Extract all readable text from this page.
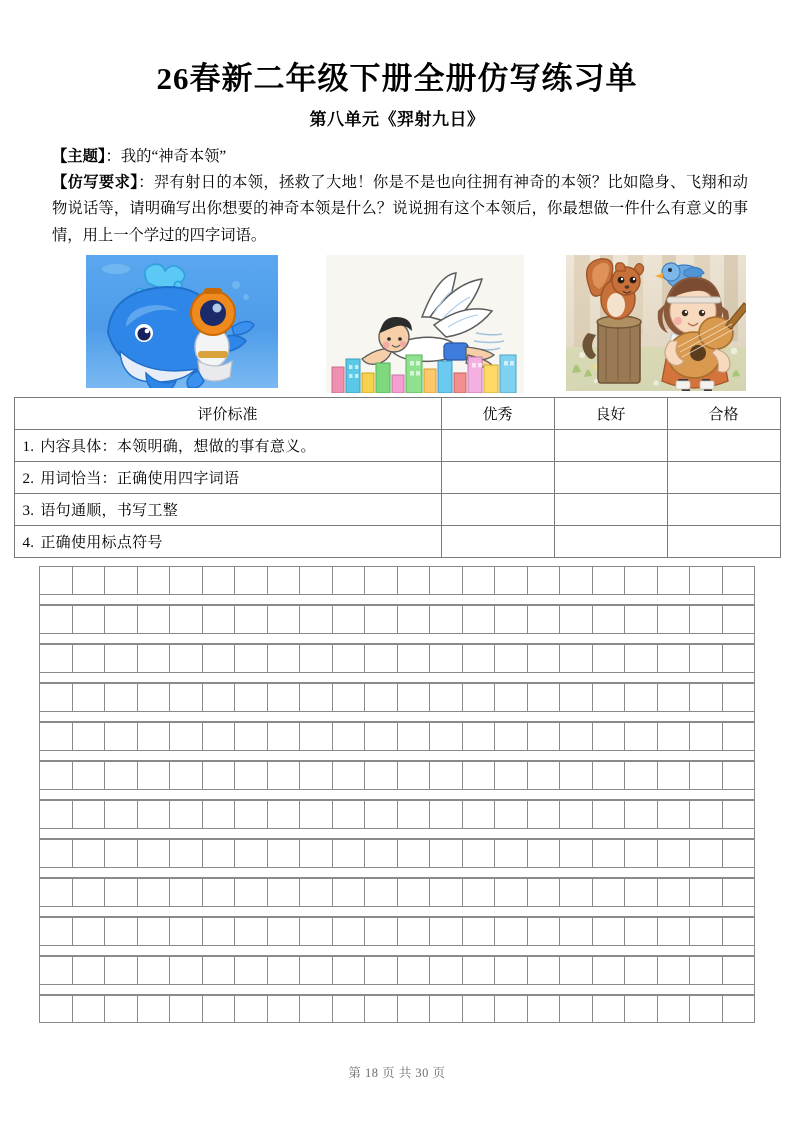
26春新二年级下册全册仿写练习单
第八单元《羿射九日》

【主题】：我的“神奇本领”

【仿写要求】：羿有射日的本领，拯救了大地！你是不是也向往拥有神奇的本领？比如隐身、飞翔和动物说话等，请明确写出你想要的神奇本领是什么？说说拥有这个本领后，你最想做一件什么有意义的事情，用上一个学过的四字词语。

评价标准	优秀	良好	合格
1. 内容具体：本领明确，想做的事有意义。			
2. 用词恰当：正确使用四字词语			
3. 语句通顺，书写工整			
4. 正确使用标点符号			
第 18 页 共 30 页
